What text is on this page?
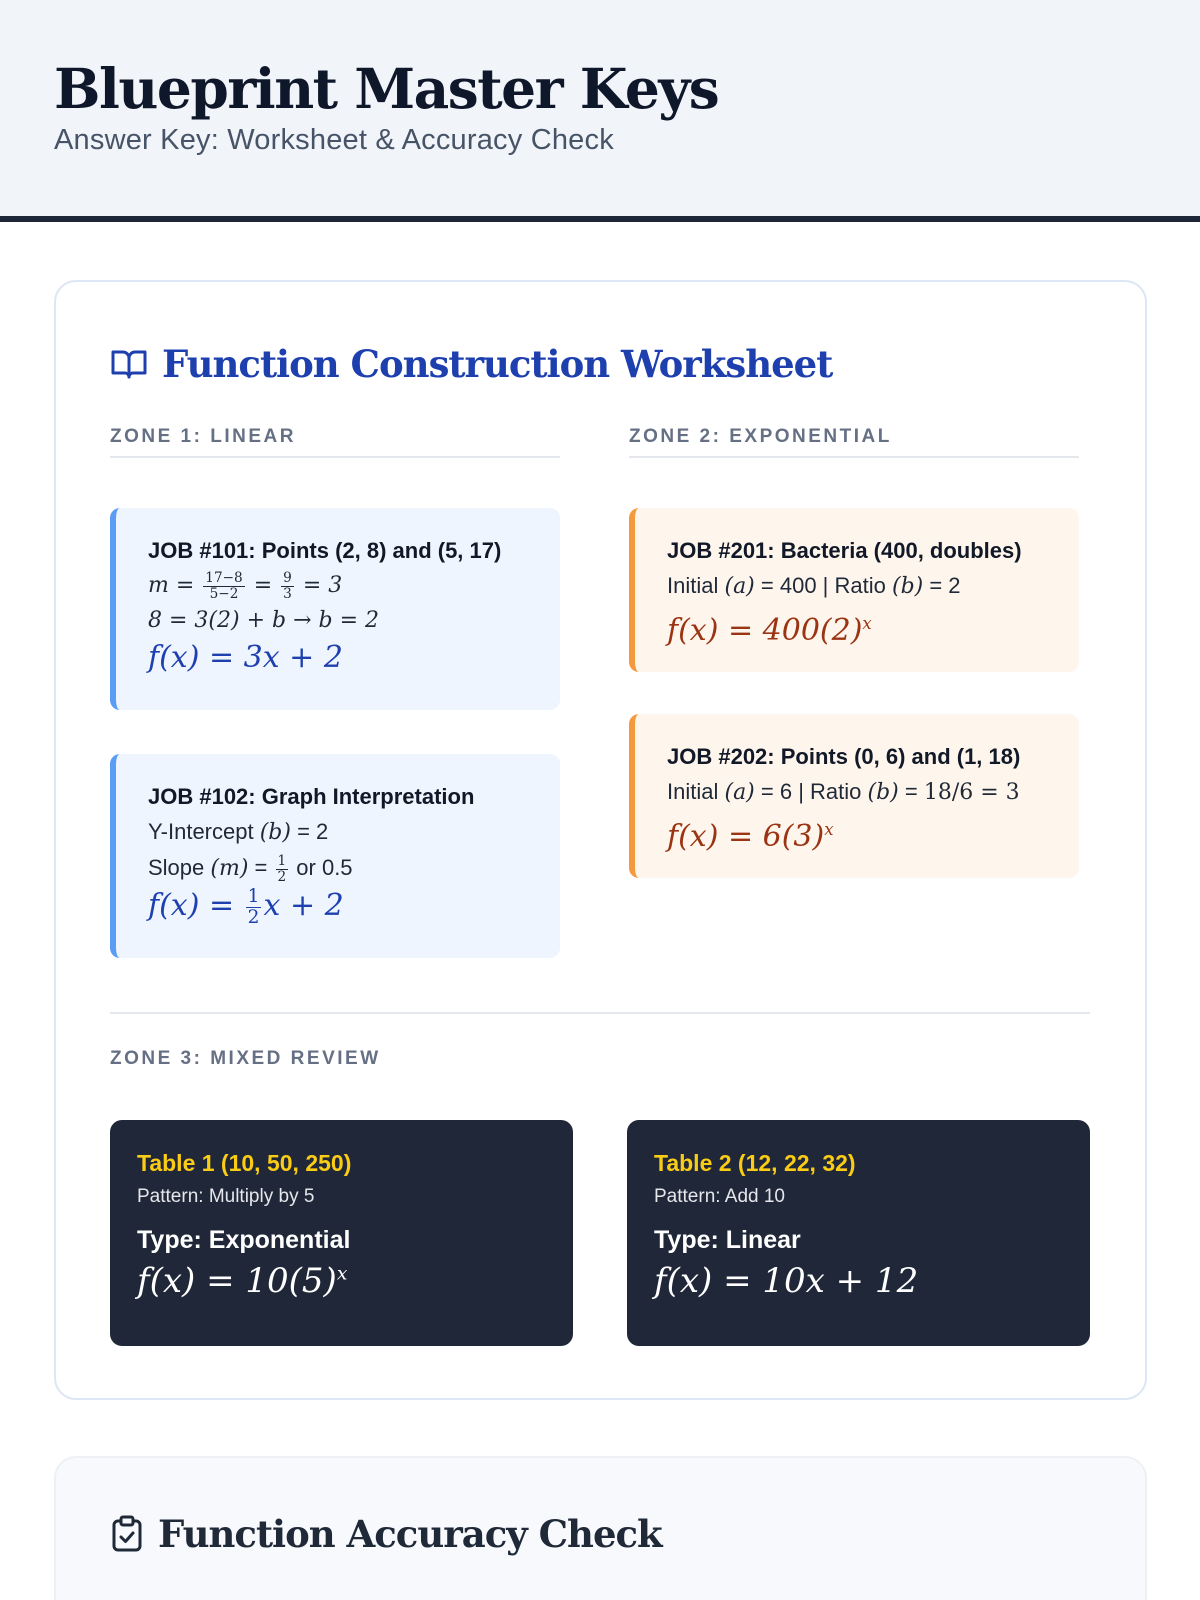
Blueprint Master Keys
Answer Key: Worksheet & Accuracy Check
Function Construction Worksheet
ZONE 1: LINEAR	ZONE 2: EXPONENTIAL
JOB #101: Points (2, 8) and (5, 17)
$m = \frac{17-8}{5-2} = \frac{9}{3} = 3$
8 = 3(2) + b → b = 2
f(x) = 3x + 2
JOB #102: Graph Interpretation
Y-Intercept (b) = 2
Slope $(m) = \frac{1}{2}$ or 0.5
$f(x) = \frac{1}{2}$ x + 2
JOB #201: Bacteria (400, doubles)
Initial (a) = 400 | Ratio (b) = 2
$f(x) = 400(2)^x$
JOB #202: Points (0, 6) and (1, 18)
Initial (a) = 6 | Ratio (b) = 18/6 = 3
$f(x) = 6(3)^x$
ZONE 3: MIXED REVIEW
Table 1 (10, 50, 250)
Pattern: Multiply by 5
Type: Exponential
$f(x) = 10(5)^x$
Table 2 (12, 22, 32)
Pattern: Add 10
Type: Linear
f(x) = 10x + 12
Function Accuracy Check
